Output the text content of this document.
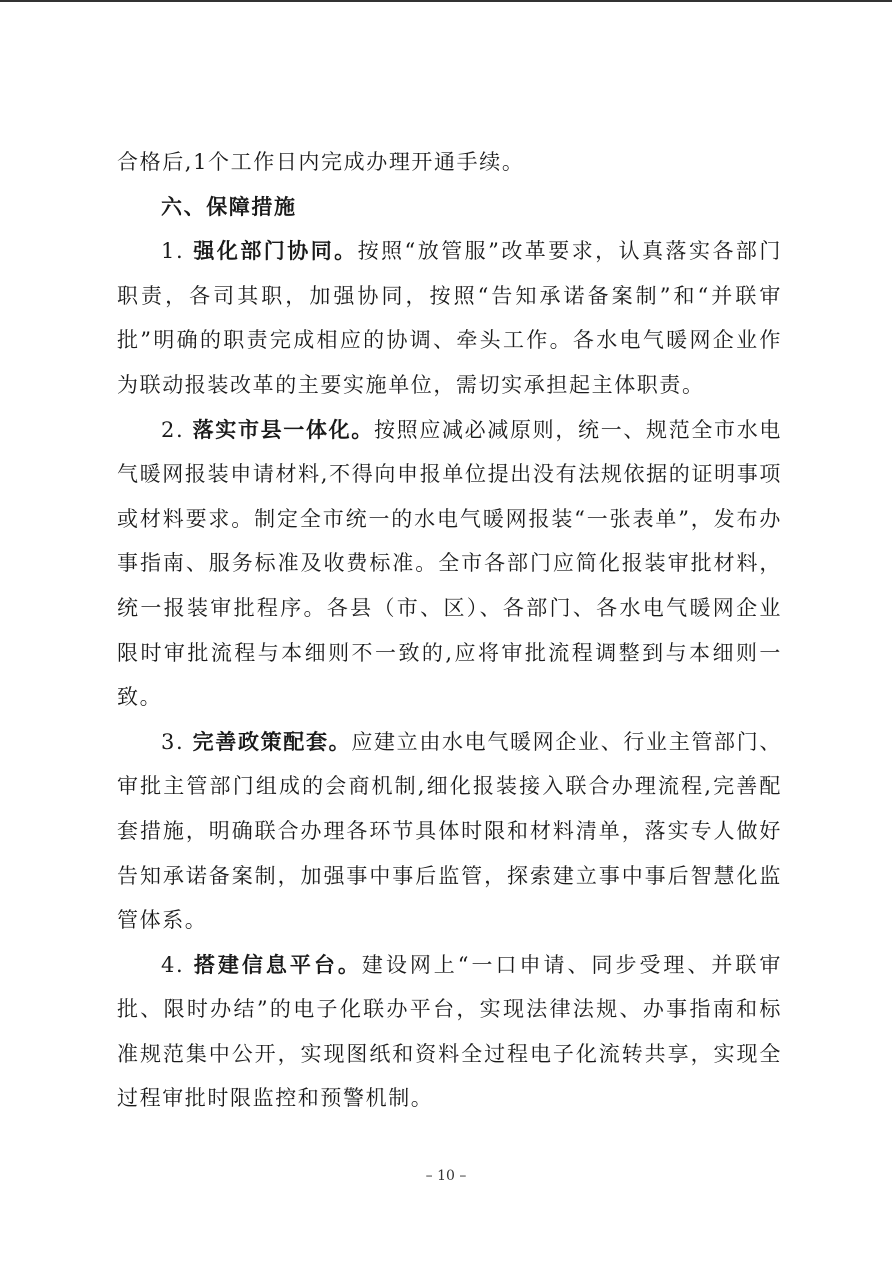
合格后,1个工作日内完成办理开通手续。

六、保障措施

1. 强化部门协同。按照“放管服”改革要求，认真落实各部门职责，各司其职，加强协同，按照“告知承诺备案制”和“并联审批”明确的职责完成相应的协调、牵头工作。各水电气暖网企业作为联动报装改革的主要实施单位，需切实承担起主体职责。

2. 落实市县一体化。按照应减必减原则，统一、规范全市水电气暖网报装申请材料,不得向申报单位提出没有法规依据的证明事项或材料要求。制定全市统一的水电气暖网报装“一张表单”，发布办事指南、服务标准及收费标准。全市各部门应简化报装审批材料，统一报装审批程序。各县（市、区）、各部门、各水电气暖网企业限时审批流程与本细则不一致的,应将审批流程调整到与本细则一致。

3. 完善政策配套。应建立由水电气暖网企业、行业主管部门、审批主管部门组成的会商机制,细化报装接入联合办理流程,完善配套措施，明确联合办理各环节具体时限和材料清单，落实专人做好告知承诺备案制，加强事中事后监管，探索建立事中事后智慧化监管体系。

4. 搭建信息平台。建设网上“一口申请、同步受理、并联审批、限时办结”的电子化联办平台，实现法律法规、办事指南和标准规范集中公开，实现图纸和资料全过程电子化流转共享，实现全过程审批时限监控和预警机制。

– 10 –
